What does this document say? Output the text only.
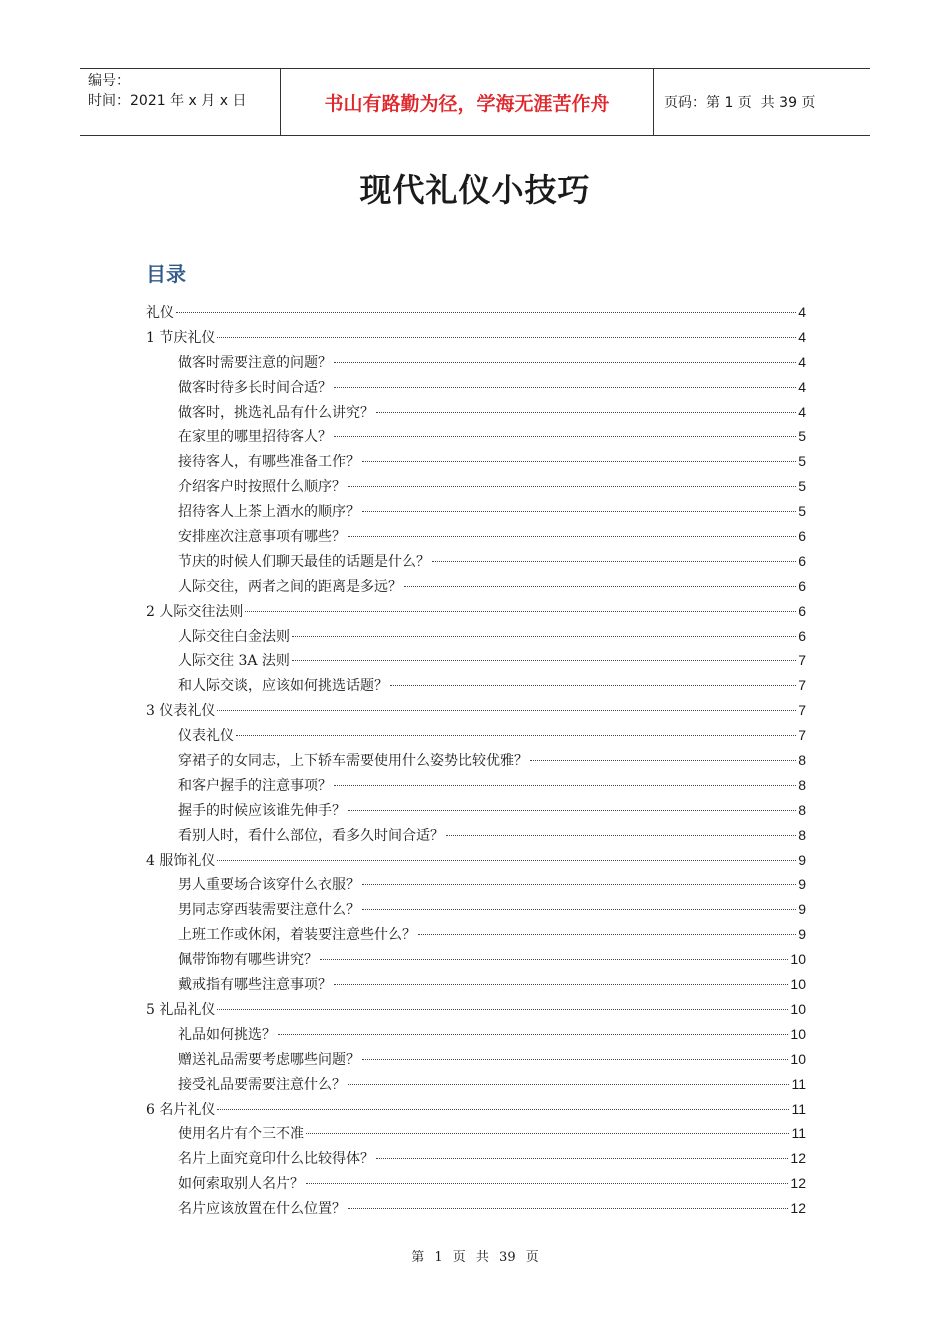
编号：
时间：2021 年 x 月 x 日	书山有路勤为径，学海无涯苦作舟	页码：第 1 页  共 39 页
现代礼仪小技巧
目录
礼仪	4
1 节庆礼仪	4
做客时需要注意的问题？	4
做客时待多长时间合适？	4
做客时，挑选礼品有什么讲究？	4
在家里的哪里招待客人？	5
接待客人，有哪些准备工作？	5
介绍客户时按照什么顺序？	5
招待客人上茶上酒水的顺序？	5
安排座次注意事项有哪些？	6
节庆的时候人们聊天最佳的话题是什么？	6
人际交往，两者之间的距离是多远？	6
2 人际交往法则	6
人际交往白金法则	6
人际交往 3A 法则	7
和人际交谈，应该如何挑选话题？	7
3 仪表礼仪	7
仪表礼仪	7
穿裙子的女同志，上下轿车需要使用什么姿势比较优雅？	8
和客户握手的注意事项？	8
握手的时候应该谁先伸手？	8
看别人时，看什么部位，看多久时间合适？	8
4 服饰礼仪	9
男人重要场合该穿什么衣服？	9
男同志穿西装需要注意什么？	9
上班工作或休闲，着装要注意些什么？	9
佩带饰物有哪些讲究？	10
戴戒指有哪些注意事项？	10
5 礼品礼仪	10
礼品如何挑选？	10
赠送礼品需要考虑哪些问题？	10
接受礼品要需要注意什么？	11
6 名片礼仪	11
使用名片有个三不准	11
名片上面究竟印什么比较得体？	12
如何索取别人名片？	12
名片应该放置在什么位置？	12
第 1 页 共 39 页
